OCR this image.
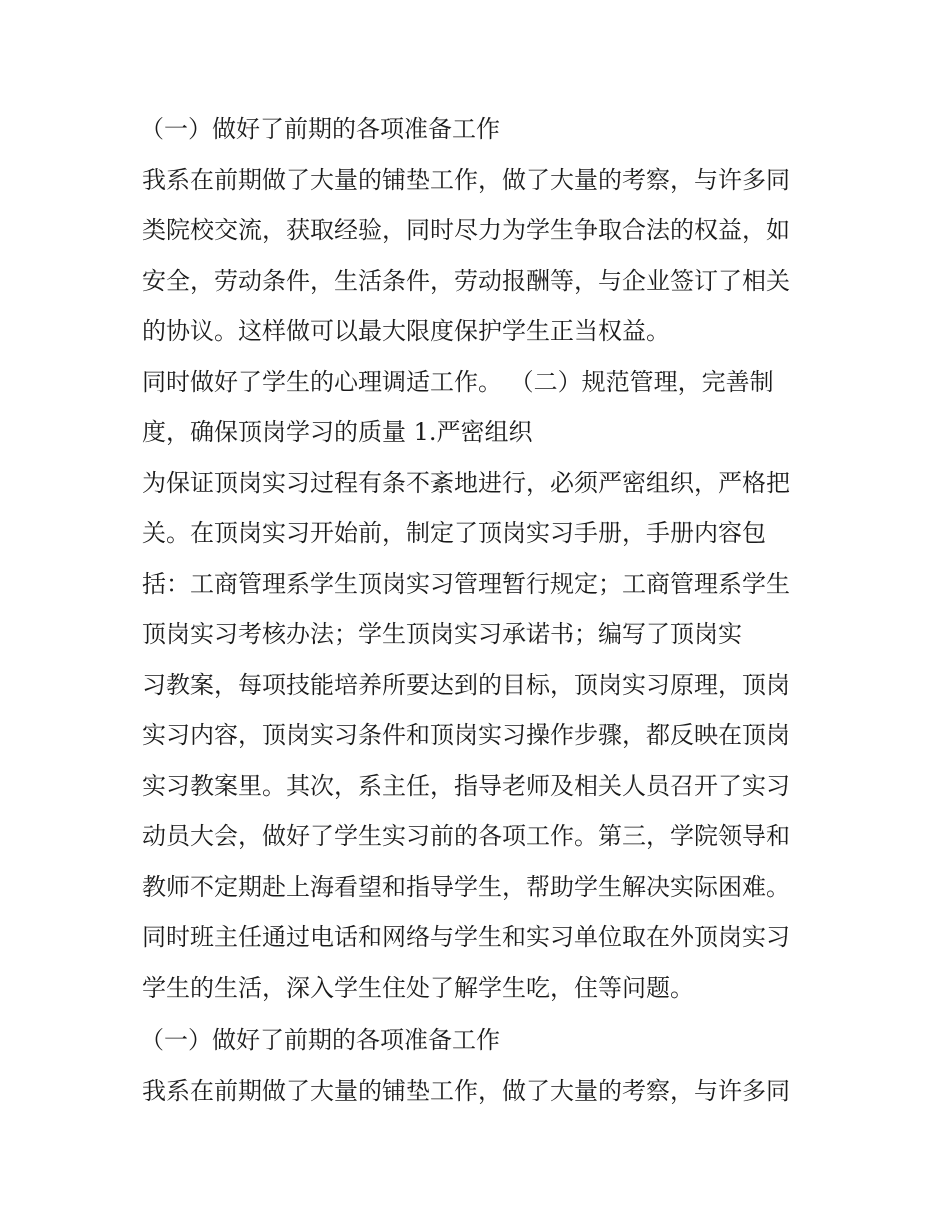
（一）做好了前期的各项准备工作
我系在前期做了大量的铺垫工作，做了大量的考察，与许多同
类院校交流，获取经验，同时尽力为学生争取合法的权益，如
安全，劳动条件，生活条件，劳动报酬等，与企业签订了相关
的协议。这样做可以最大限度保护学生正当权益。
同时做好了学生的心理调适工作。 （二）规范管理，完善制
度，确保顶岗学习的质量 1.严密组织
为保证顶岗实习过程有条不紊地进行，必须严密组织，严格把
关。在顶岗实习开始前，制定了顶岗实习手册，手册内容包
括：工商管理系学生顶岗实习管理暂行规定；工商管理系学生
顶岗实习考核办法；学生顶岗实习承诺书；编写了顶岗实
习教案，每项技能培养所要达到的目标，顶岗实习原理，顶岗
实习内容，顶岗实习条件和顶岗实习操作步骤，都反映在顶岗
实习教案里。其次，系主任，指导老师及相关人员召开了实习
动员大会，做好了学生实习前的各项工作。第三，学院领导和
教师不定期赴上海看望和指导学生，帮助学生解决实际困难。
同时班主任通过电话和网络与学生和实习单位取在外顶岗实习
学生的生活，深入学生住处了解学生吃，住等问题。
（一）做好了前期的各项准备工作
我系在前期做了大量的铺垫工作，做了大量的考察，与许多同
